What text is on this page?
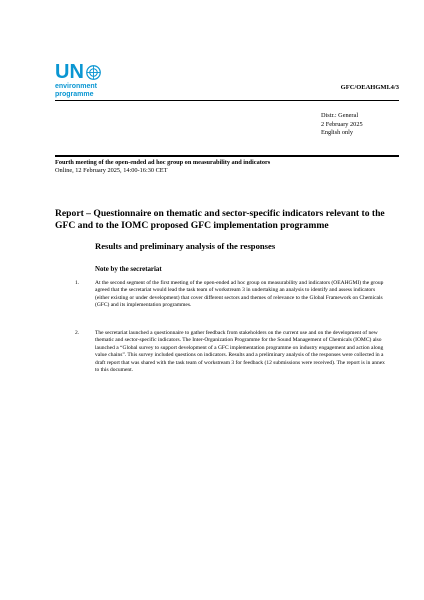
UN
environment
programme
GFC/OEAHGMI.4/3
Distr.: General
2 February 2025
English only
Fourth meeting of the open-ended ad hoc group on measurability and indicators
Online, 12 February 2025, 14:00-16:30 CET
Report – Questionnaire on thematic and sector-specific indicators relevant to the GFC and to the IOMC proposed GFC implementation programme
Results and preliminary analysis of the responses
Note by the secretariat
1.	At the second segment of the first meeting of the open-ended ad hoc group on measurability and indicators (OEAHGMI) the group agreed that the secretariat would lead the task team of workstream 3 in undertaking an analysis to identify and assess indicators (either existing or under development) that cover different sectors and themes of relevance to the Global Framework on Chemicals (GFC) and its implementation programmes.
2.	The secretariat launched a questionnaire to gather feedback from stakeholders on the current use and on the development of new thematic and sector-specific indicators. The Inter-Organization Programme for the Sound Management of Chemicals (IOMC) also launched a “Global survey to support development of a GFC implementation programme on industry engagement and action along value chains”. This survey included questions on indicators. Results and a preliminary analysis of the responses were collected in a draft report that was shared with the task team of workstream 3 for feedback (12 submissions were received). The report is in annex to this document.
